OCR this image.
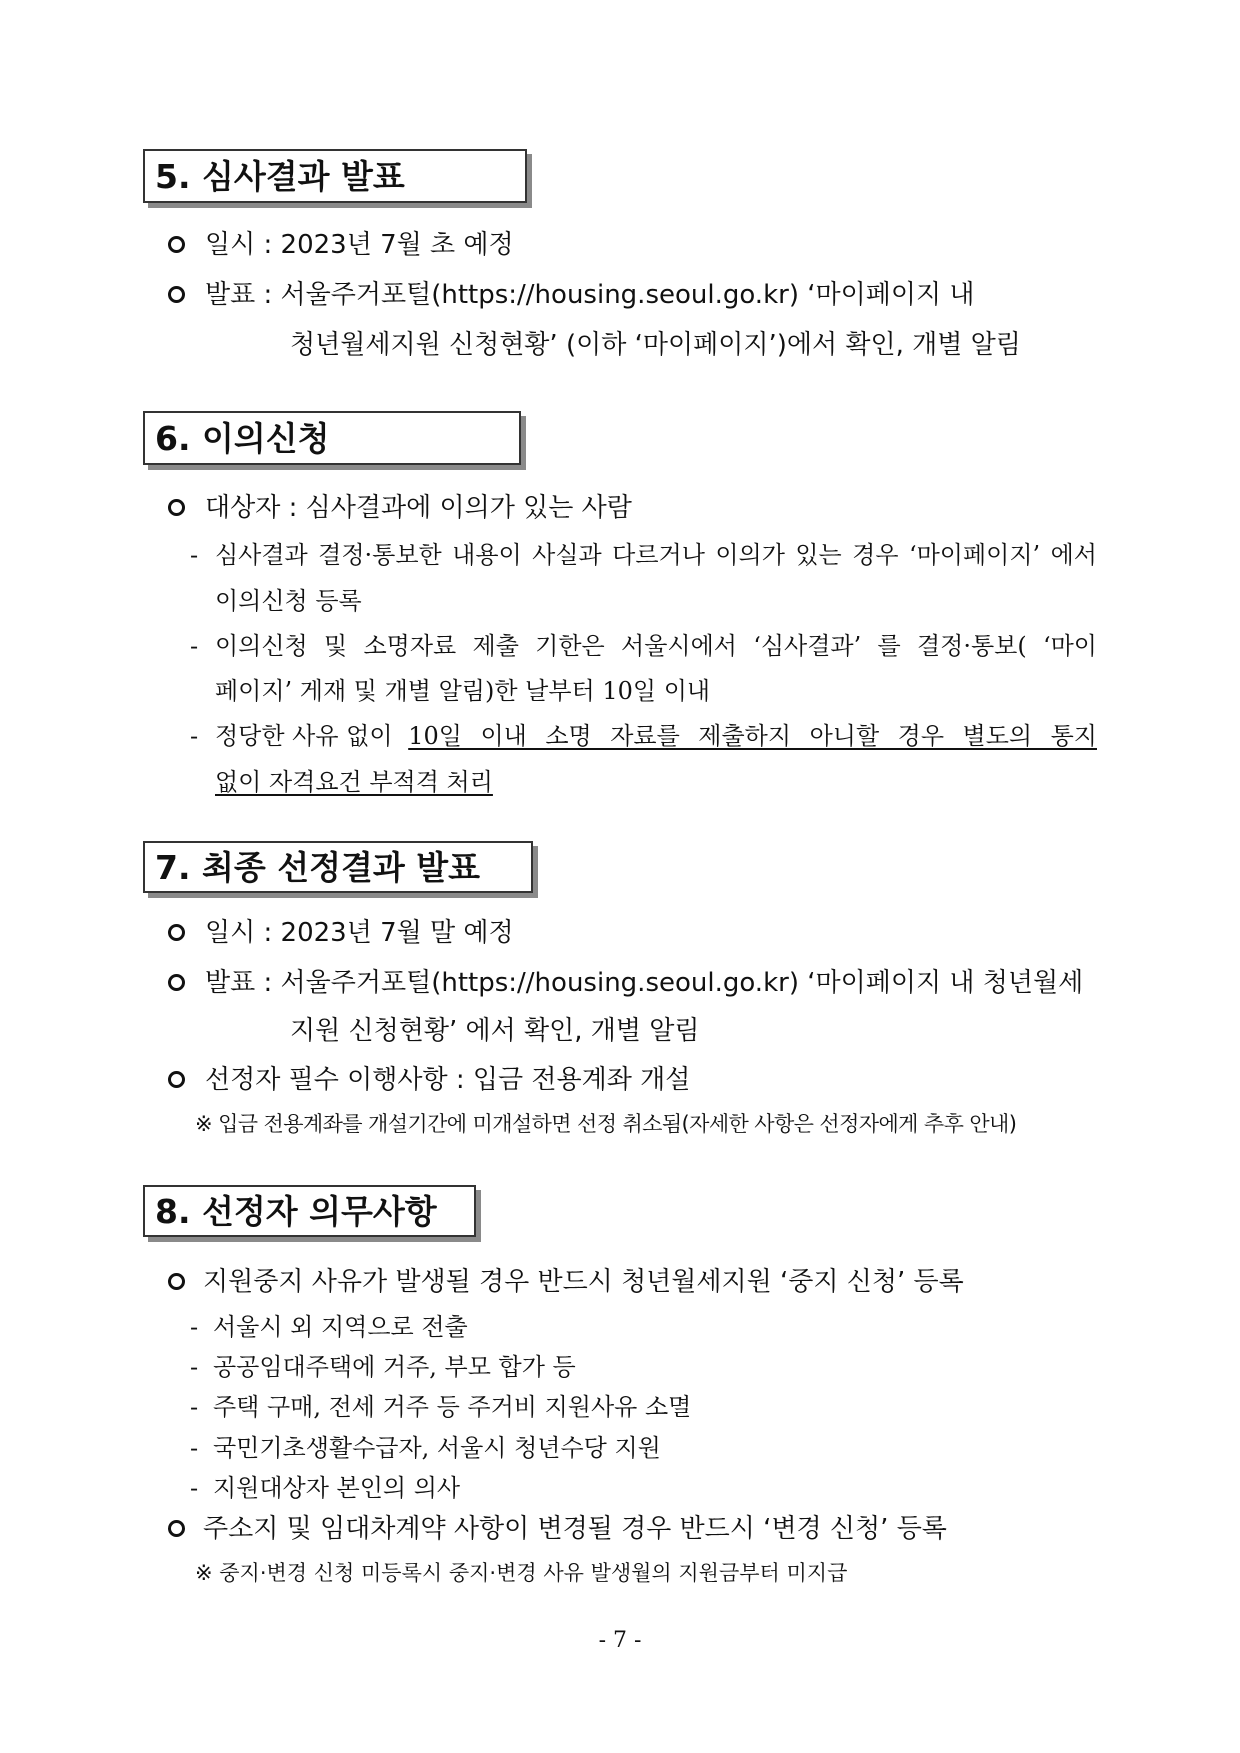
5. 심사결과 발표
일시 : 2023년 7월 초 예정
발표 : 서울주거포털(https://housing.seoul.go.kr) ‘마이페이지 내
청년월세지원 신청현황’ (이하 ‘마이페이지’)에서 확인, 개별 알림
6. 이의신청
대상자 : 심사결과에 이의가 있는 사람
- 심사결과 결정·통보한 내용이 사실과 다르거나 이의가 있는 경우 ‘마이페이지’ 에서
이의신청 등록
- 이의신청 및 소명자료 제출 기한은 서울시에서 ‘심사결과’ 를 결정·통보( ‘마이
페이지’ 게재 및 개별 알림)한 날부터 10일 이내
- 정당한 사유 없이 10일 이내 소명 자료를 제출하지 아니할 경우 별도의 통지
없이 자격요건 부적격 처리
7. 최종 선정결과 발표
일시 : 2023년 7월 말 예정
발표 : 서울주거포털(https://housing.seoul.go.kr) ‘마이페이지 내 청년월세
지원 신청현황’ 에서 확인, 개별 알림
선정자 필수 이행사항 : 입금 전용계좌 개설
※ 입금 전용계좌를 개설기간에 미개설하면 선정 취소됨(자세한 사항은 선정자에게 추후 안내)
8. 선정자 의무사항
지원중지 사유가 발생될 경우 반드시 청년월세지원 ‘중지 신청’ 등록
- 서울시 외 지역으로 전출
- 공공임대주택에 거주, 부모 합가 등
- 주택 구매, 전세 거주 등 주거비 지원사유 소멸
- 국민기초생활수급자, 서울시 청년수당 지원
- 지원대상자 본인의 의사
주소지 및 임대차계약 사항이 변경될 경우 반드시 ‘변경 신청’ 등록
※ 중지·변경 신청 미등록시 중지·변경 사유 발생월의 지원금부터 미지급
- 7 -
